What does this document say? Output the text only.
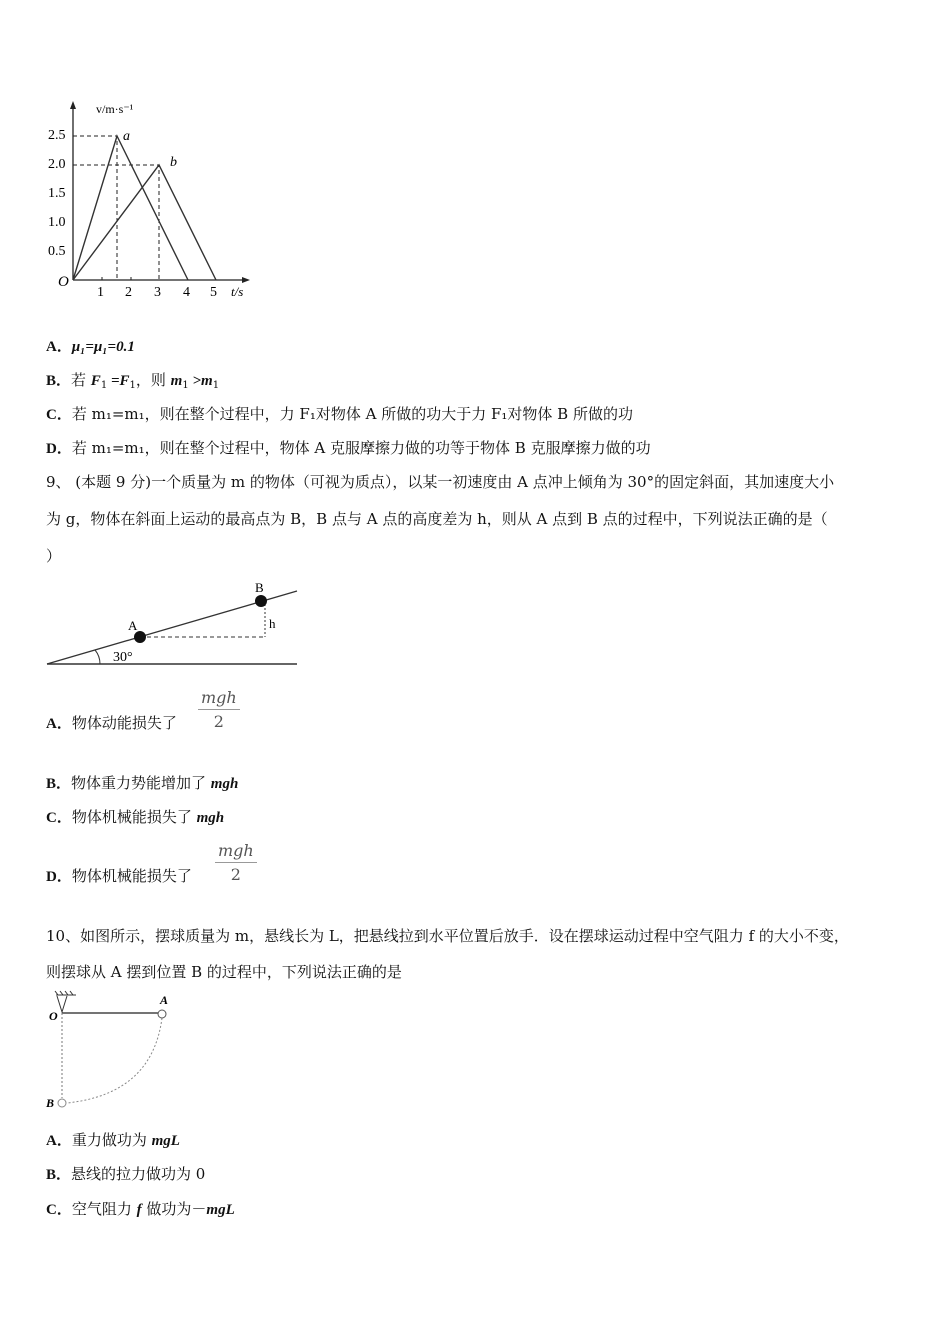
v/m·s⁻¹
t/s
O
2.5
2.0
1.5
1.0
0.5
1 2 3 4 5
a
b
A．μ₁=μ₁=0.1
B．若 $F_1 =F_1$，则 $m_1 >m_1$
C．若 m₁=m₁，则在整个过程中，力 F₁对物体 A 所做的功大于力 F₁对物体 B 所做的功
D．若 m₁=m₁，则在整个过程中，物体 A 克服摩擦力做的功等于物体 B 克服摩擦力做的功
9、 (本题 9 分)一个质量为 m 的物体（可视为质点），以某一初速度由 A 点冲上倾角为 30°的固定斜面，其加速度大小
为 g，物体在斜面上运动的最高点为 B，B 点与 A 点的高度差为 h，则从 A 点到 B 点的过程中，下列说法正确的是（
）
A
B
h
30°
A．物体动能损失了
mgh
2
B．物体重力势能增加了 mgh
C．物体机械能损失了 mgh
D．物体机械能损失了
mgh
2
10、如图所示，摆球质量为 m，悬线长为 L，把悬线拉到水平位置后放手．设在摆球运动过程中空气阻力 f 的大小不变，
则摆球从 A 摆到位置 B 的过程中，下列说法正确的是
O
A
B
A．重力做功为 mgL
B．悬线的拉力做功为 0
C．空气阻力 f 做功为－mgL
